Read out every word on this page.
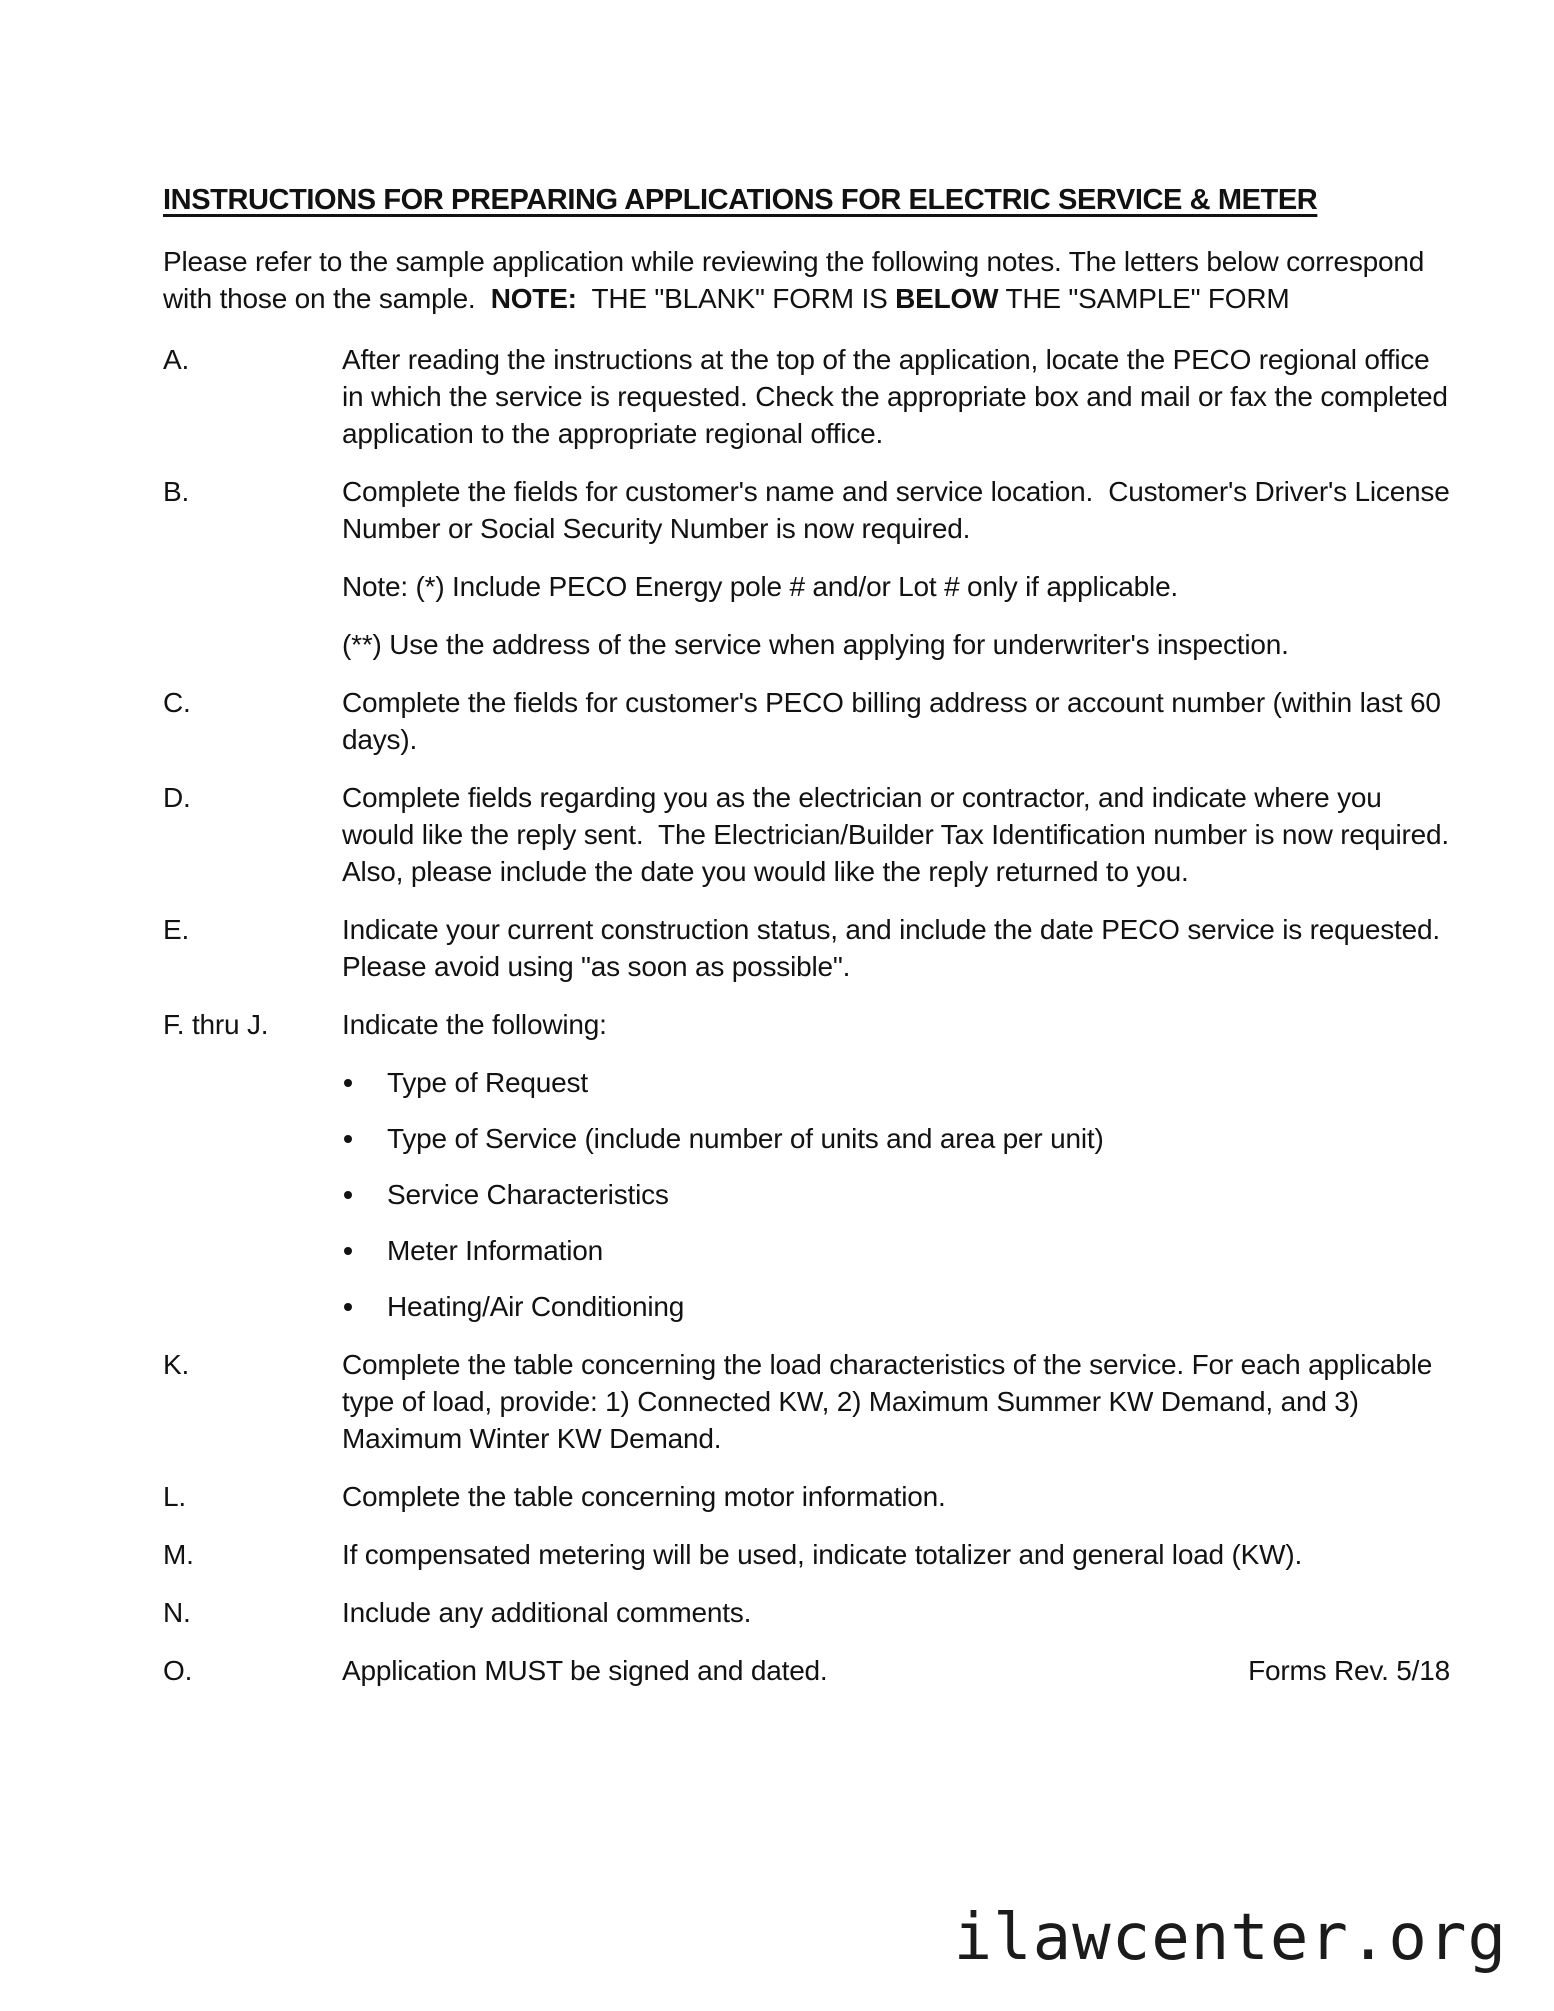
INSTRUCTIONS FOR PREPARING APPLICATIONS FOR ELECTRIC SERVICE & METER

Please refer to the sample application while reviewing the following notes. The letters below correspond with those on the sample.  NOTE:  THE "BLANK" FORM IS BELOW THE "SAMPLE" FORM

A.	After reading the instructions at the top of the application, locate the PECO regional office in which the service is requested. Check the appropriate box and mail or fax the completed application to the appropriate regional office.
B.	Complete the fields for customer's name and service location.  Customer's Driver's License Number or Social Security Number is now required.
Note: (*) Include PECO Energy pole # and/or Lot # only if applicable.
(**) Use the address of the service when applying for underwriter's inspection.
C.	Complete the fields for customer's PECO billing address or account number (within last 60 days).
D.	Complete fields regarding you as the electrician or contractor, and indicate where you would like the reply sent.  The Electrician/Builder Tax Identification number is now required.  Also, please include the date you would like the reply returned to you.
E.	Indicate your current construction status, and include the date PECO service is requested.  Please avoid using "as soon as possible".
F. thru J.	Indicate the following:
Type of Request
Type of Service (include number of units and area per unit)
Service Characteristics
Meter Information
Heating/Air Conditioning
K.	Complete the table concerning the load characteristics of the service. For each applicable type of load, provide: 1) Connected KW, 2) Maximum Summer KW Demand, and 3) Maximum Winter KW Demand.
L.	Complete the table concerning motor information.
M.	If compensated metering will be used, indicate totalizer and general load (KW).
N.	Include any additional comments.
O.	Application MUST be signed and dated.	Forms Rev. 5/18
ilawcenter.org
